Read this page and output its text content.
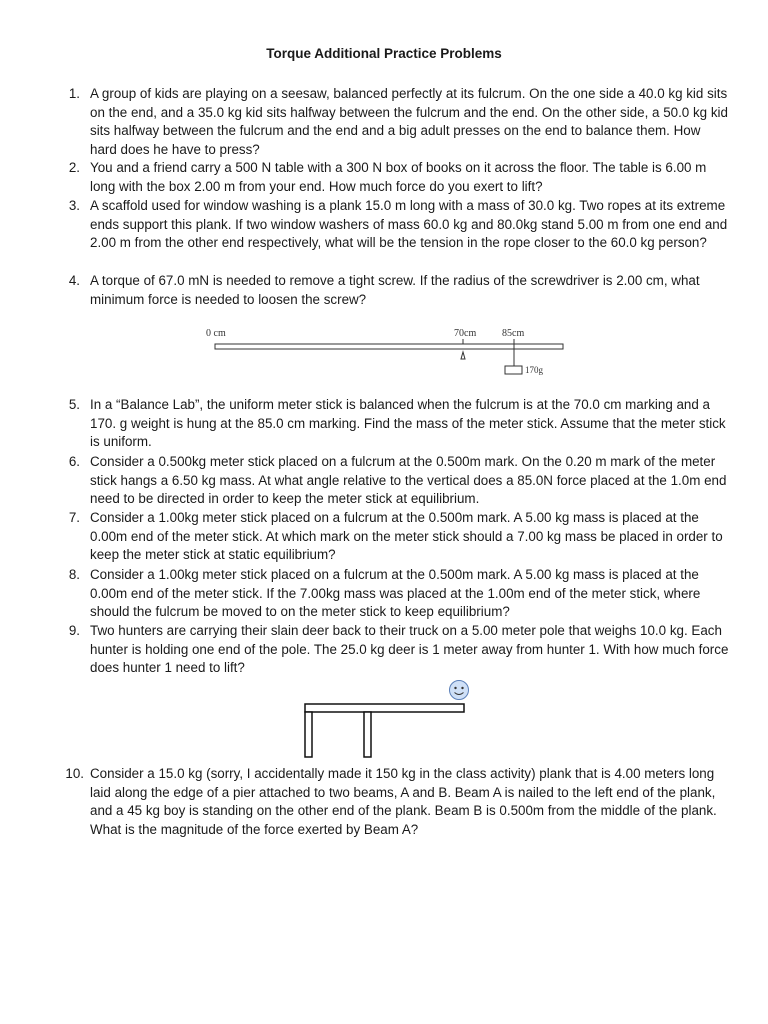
Torque Additional Practice Problems
1. A group of kids are playing on a seesaw, balanced perfectly at its fulcrum. On the one side a 40.0 kg kid sits on the end, and a 35.0 kg kid sits halfway between the fulcrum and the end. On the other side, a 50.0 kg kid sits halfway between the fulcrum and the end and a big adult presses on the end to balance them. How hard does he have to press?
2. You and a friend carry a 500 N table with a 300 N box of books on it across the floor. The table is 6.00 m long with the box 2.00 m from your end. How much force do you exert to lift?
3. A scaffold used for window washing is a plank 15.0 m long with a mass of 30.0 kg. Two ropes at its extreme ends support this plank. If two window washers of mass 60.0 kg and 80.0kg stand 5.00 m from one end and 2.00 m from the other end respectively, what will be the tension in the rope closer to the 60.0 kg person?
4. A torque of 67.0 mN is needed to remove a tight screw. If the radius of the screwdriver is 2.00 cm, what minimum force is needed to loosen the screw?
0 cm	70cm	85cm
170g
5. In a “Balance Lab”, the uniform meter stick is balanced when the fulcrum is at the 70.0 cm marking and a 170. g weight is hung at the 85.0 cm marking. Find the mass of the meter stick. Assume that the meter stick is uniform.
6. Consider a 0.500kg meter stick placed on a fulcrum at the 0.500m mark. On the 0.20 m mark of the meter stick hangs a 6.50 kg mass. At what angle relative to the vertical does a 85.0N force placed at the 1.0m end need to be directed in order to keep the meter stick at equilibrium.
7. Consider a 1.00kg meter stick placed on a fulcrum at the 0.500m mark. A 5.00 kg mass is placed at the 0.00m end of the meter stick. At which mark on the meter stick should a 7.00 kg mass be placed in order to keep the meter stick at static equilibrium?
8. Consider a 1.00kg meter stick placed on a fulcrum at the 0.500m mark. A 5.00 kg mass is placed at the 0.00m end of the meter stick. If the 7.00kg mass was placed at the 1.00m end of the meter stick, where should the fulcrum be moved to on the meter stick to keep equilibrium?
9. Two hunters are carrying their slain deer back to their truck on a 5.00 meter pole that weighs 10.0 kg. Each hunter is holding one end of the pole. The 25.0 kg deer is 1 meter away from hunter 1. With how much force does hunter 1 need to lift?
10. Consider a 15.0 kg (sorry, I accidentally made it 150 kg in the class activity) plank that is 4.00 meters long laid along the edge of a pier attached to two beams, A and B. Beam A is nailed to the left end of the plank, and a 45 kg boy is standing on the other end of the plank. Beam B is 0.500m from the middle of the plank. What is the magnitude of the force exerted by Beam A?
